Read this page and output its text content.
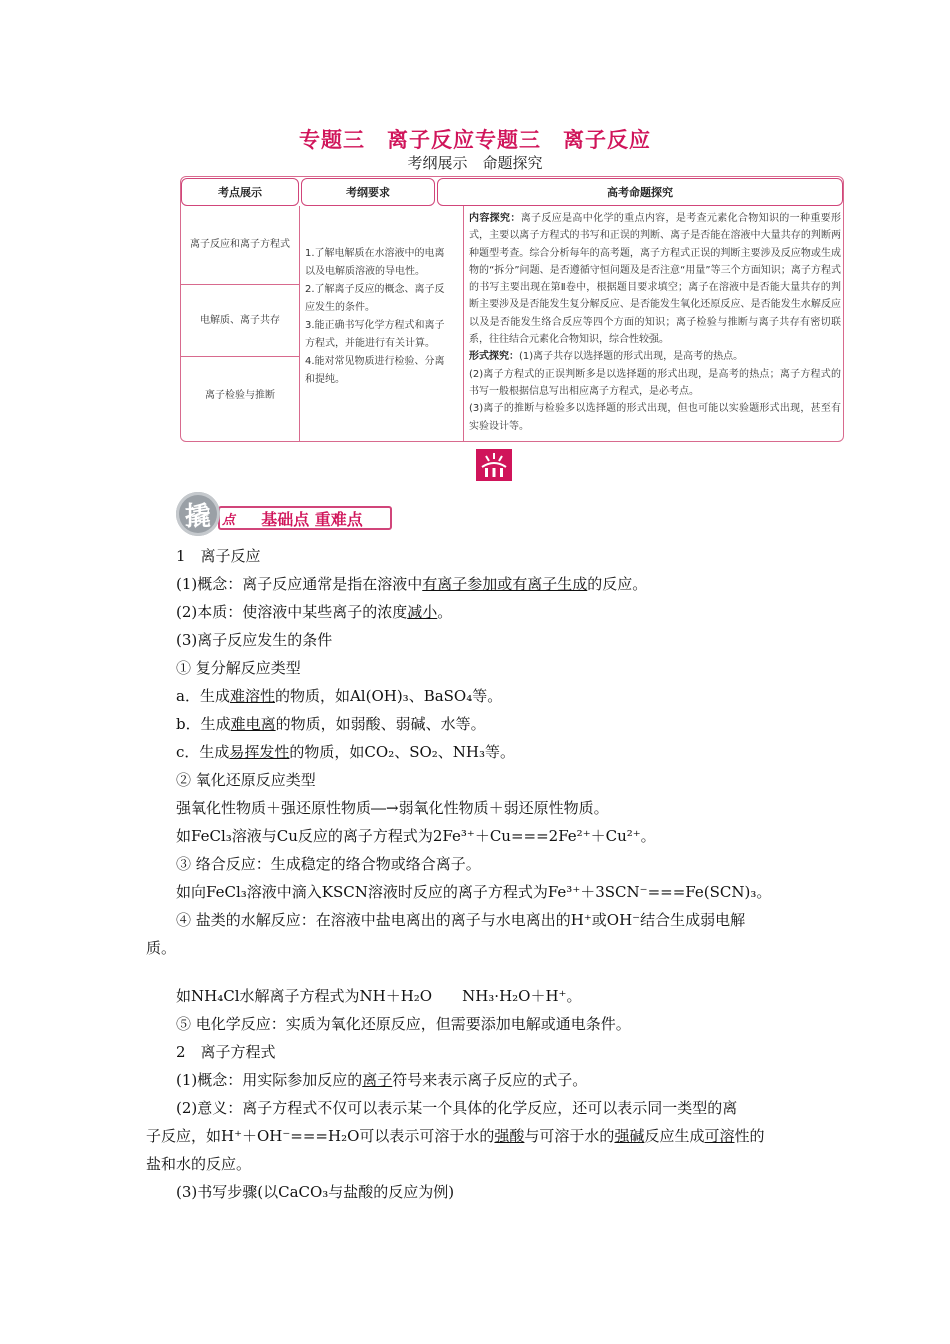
专题三　离子反应专题三　离子反应
考纲展示　命题探究
考点展示	考纲要求	高考命题探究
离子反应和离子方程式
电解质、离子共存
离子检验与推断
1.了解电解质在水溶液中的电离
以及电解质溶液的导电性。
2.了解离子反应的概念、离子反
应发生的条件。
3.能正确书写化学方程式和离子
方程式，并能进行有关计算。
4.能对常见物质进行检验、分离
和提纯。

内容探究：离子反应是高中化学的重点内容，是考查元素化合物知识的一种重要形式，主要以离子方程式的书写和正误的判断、离子是否能在溶液中大量共存的判断两种题型考查。综合分析每年的高考题，离子方程式正误的判断主要涉及反应物或生成物的“拆分”问题、是否遵循守恒问题及是否注意“用量”等三个方面知识；离子方程式的书写主要出现在第Ⅱ卷中，根据题目要求填空；离子在溶液中是否能大量共存的判断主要涉及是否能发生复分解反应、是否能发生氧化还原反应、是否能发生水解反应以及是否能发生络合反应等四个方面的知识；离子检验与推断与离子共存有密切联系，往往结合元素化合物知识，综合性较强。

形式探究：(1)离子共存以选择题的形式出现，是高考的热点。

(2)离子方程式的正误判断多是以选择题的形式出现，是高考的热点；离子方程式的书写一般根据信息写出相应离子方程式，是必考点。

(3)离子的推断与检验多以选择题的形式出现，但也可能以实验题形式出现，甚至有实验设计等。

点 基础点 重难点
撬
1　离子反应
(1)概念：离子反应通常是指在溶液中有离子参加或有离子生成的反应。
(2)本质：使溶液中某些离子的浓度减小。
(3)离子反应发生的条件
① 复分解反应类型
a．生成难溶性的物质，如Al(OH)₃、BaSO₄等。
b．生成难电离的物质，如弱酸、弱碱、水等。
c．生成易挥发性的物质，如CO₂、SO₂、NH₃等。
② 氧化还原反应类型
强氧化性物质＋强还原性物质―→弱氧化性物质＋弱还原性物质。
如FeCl₃溶液与Cu反应的离子方程式为2Fe³⁺＋Cu===2Fe²⁺＋Cu²⁺。
③ 络合反应：生成稳定的络合物或络合离子。
如向FeCl₃溶液中滴入KSCN溶液时反应的离子方程式为Fe³⁺＋3SCN⁻===Fe(SCN)₃。
④ 盐类的水解反应：在溶液中盐电离出的离子与水电离出的H⁺或OH⁻结合生成弱电解
质。
如NH₄Cl水解离子方程式为NH＋H₂O　　NH₃·H₂O＋H⁺。
⑤ 电化学反应：实质为氧化还原反应，但需要添加电解或通电条件。
2　离子方程式
(1)概念：用实际参加反应的离子符号来表示离子反应的式子。
(2)意义：离子方程式不仅可以表示某一个具体的化学反应，还可以表示同一类型的离
子反应，如H⁺＋OH⁻===H₂O可以表示可溶于水的强酸与可溶于水的强碱反应生成可溶性的
盐和水的反应。
(3)书写步骤(以CaCO₃与盐酸的反应为例)
